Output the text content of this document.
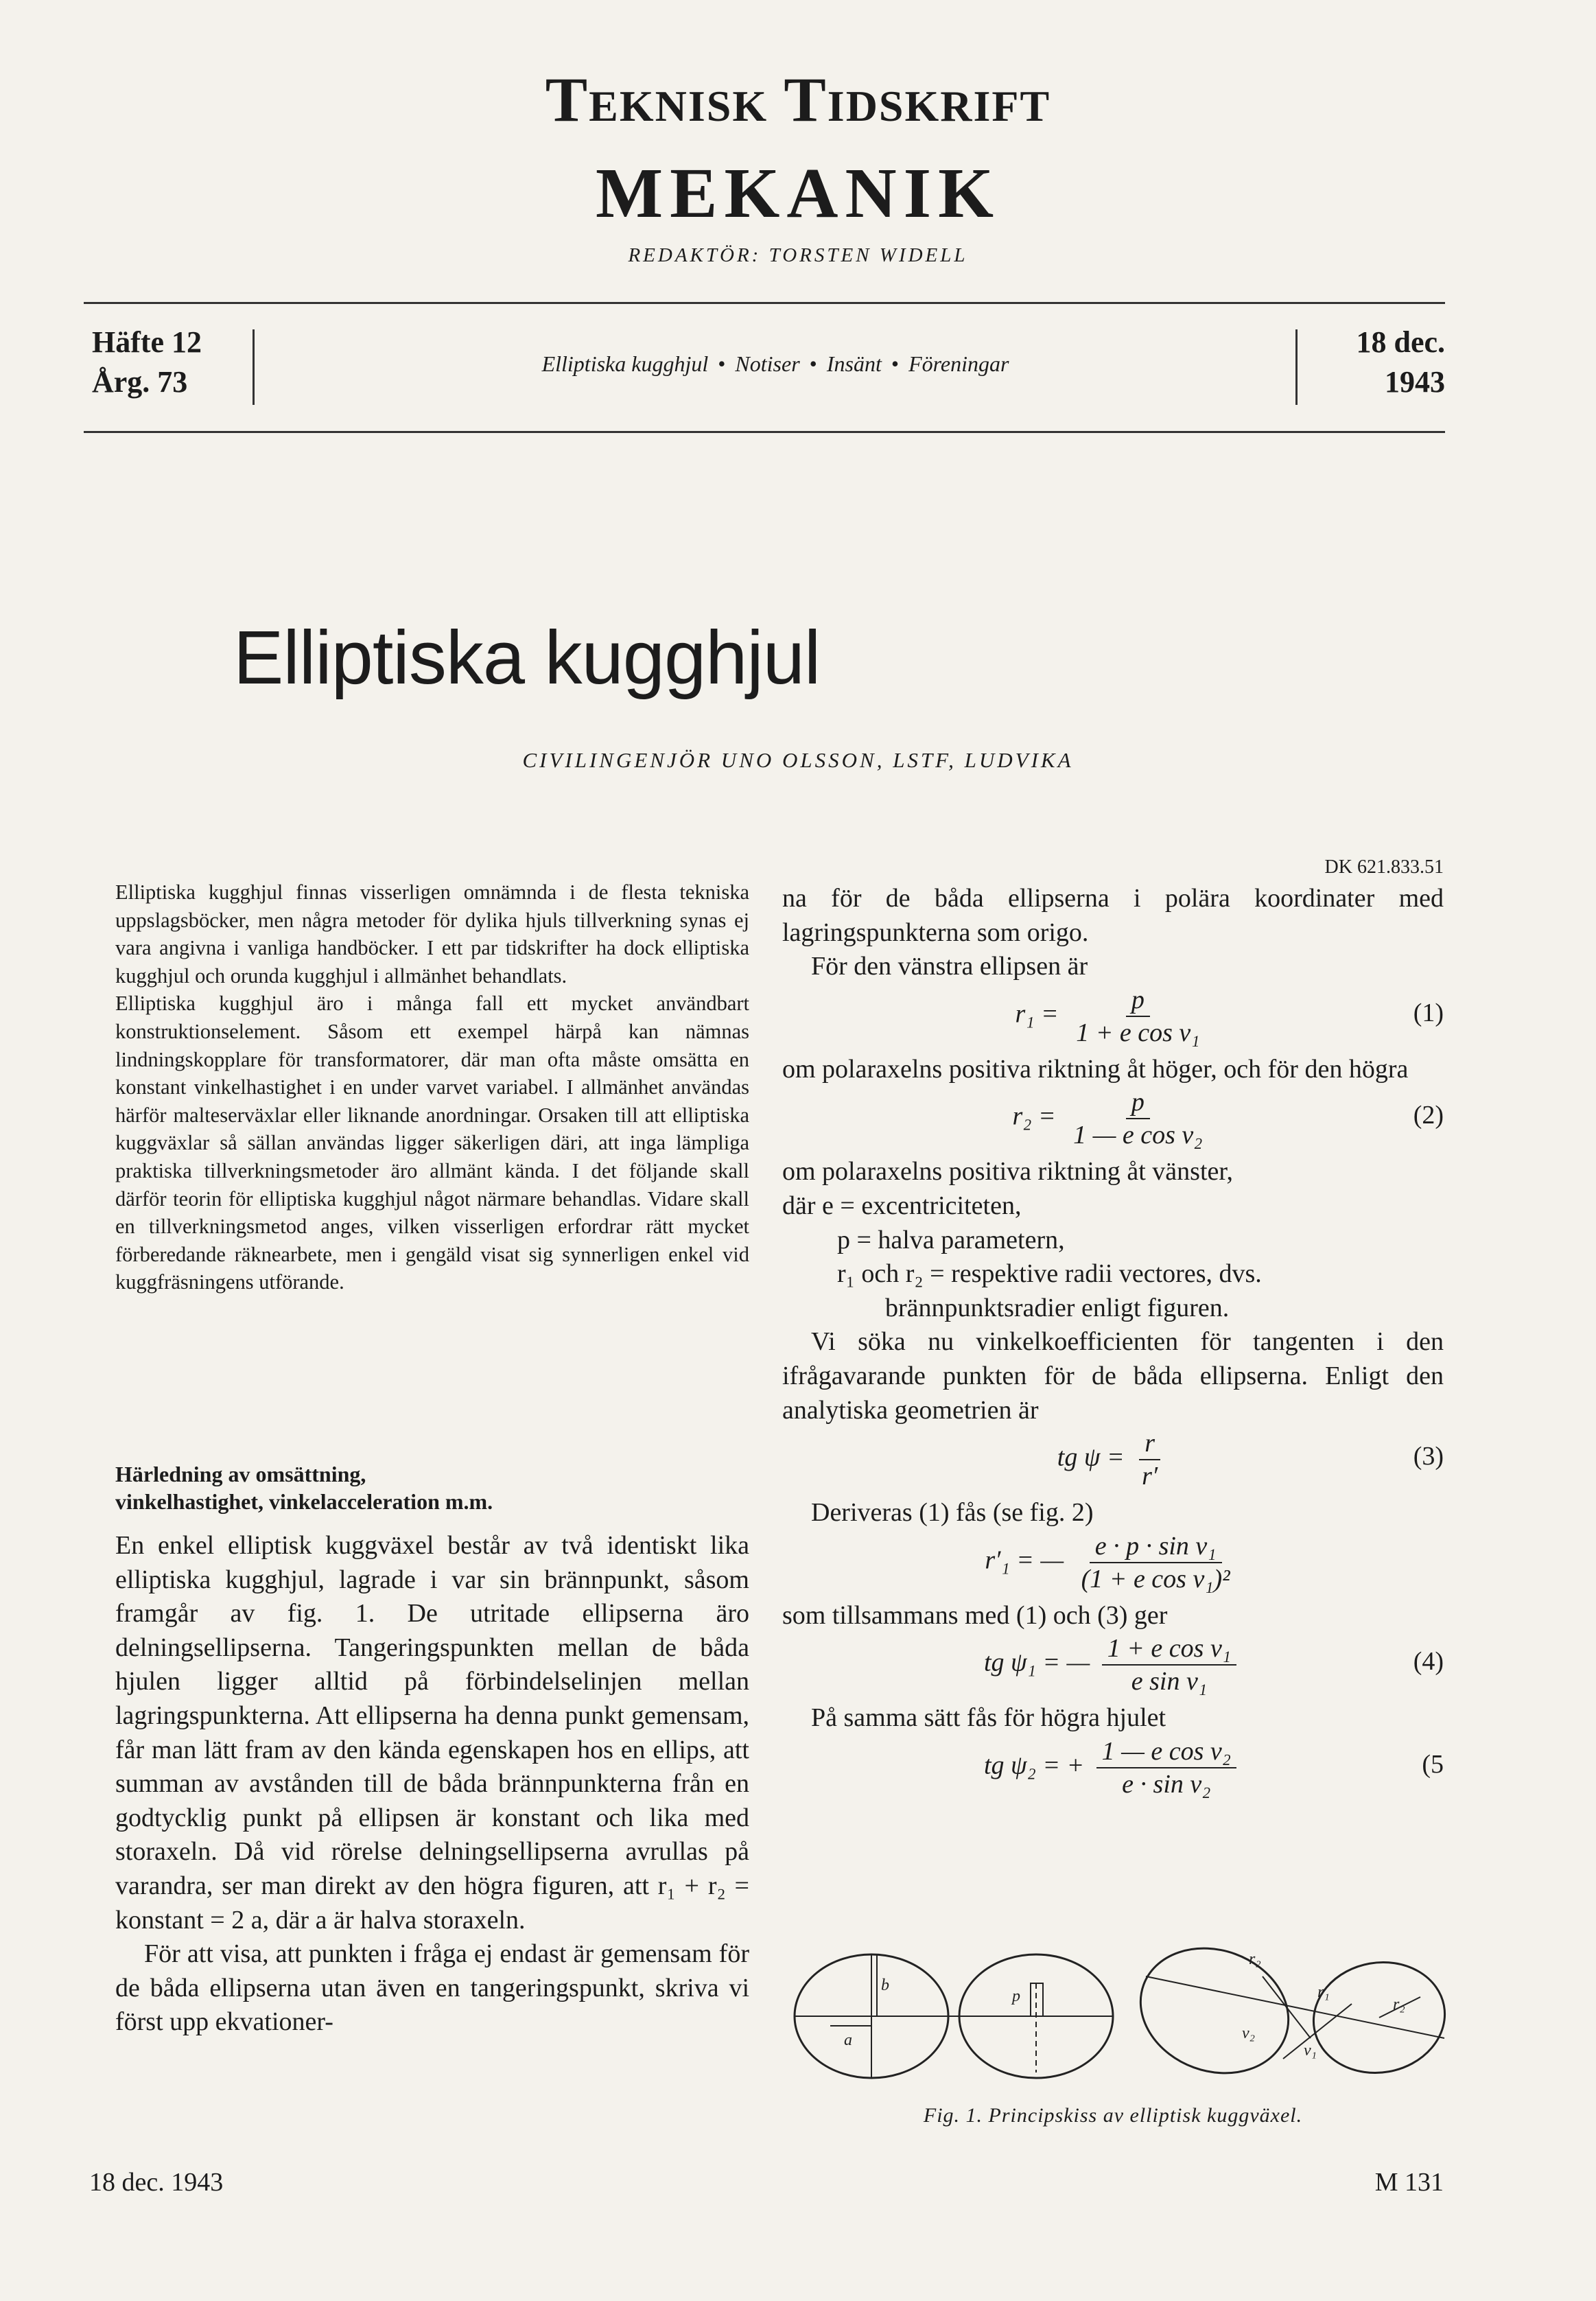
Teknisk Tidskrift
MEKANIK
REDAKTÖR: TORSTEN WIDELL
Häfte 12
Årg. 73
Elliptiska kugghjul • Notiser • Insänt • Föreningar
18 dec.
1943
Elliptiska kugghjul
CIVILINGENJÖR UNO OLSSON, LSTF, LUDVIKA

Elliptiska kugghjul finnas visserligen omnämnda i de flesta tekniska uppslagsböcker, men några metoder för dylika hjuls tillverkning synas ej vara angivna i vanliga handböcker. I ett par tidskrifter ha dock elliptiska kugghjul och orunda kugghjul i allmänhet behandlats.

Elliptiska kugghjul äro i många fall ett mycket användbart konstruktionselement. Såsom ett exempel härpå kan nämnas lindningskopplare för transformatorer, där man ofta måste omsätta en konstant vinkelhastighet i en under varvet variabel. I allmänhet användas härför malteserväxlar eller liknande anordningar. Orsaken till att elliptiska kuggväxlar så sällan användas ligger säkerligen däri, att inga lämpliga praktiska tillverkningsmetoder äro allmänt kända. I det följande skall därför teorin för elliptiska kugghjul något närmare behandlas. Vidare skall en tillverkningsmetod anges, vilken visserligen erfordrar rätt mycket förberedande räknearbete, men i gengäld visat sig synnerligen enkel vid kuggfräsningens utförande.

Härledning av omsättning,
vinkelhastighet, vinkelacceleration m.m.

En enkel elliptisk kuggväxel består av två identiskt lika elliptiska kugghjul, lagrade i var sin brännpunkt, såsom framgår av fig. 1. De utritade ellipserna äro delningsellipserna. Tangeringspunkten mellan de båda hjulen ligger alltid på förbindelselinjen mellan lagringspunkterna. Att ellipserna ha denna punkt gemensam, får man lätt fram av den kända egenskapen hos en ellips, att summan av avstånden till de båda brännpunkterna från en godtycklig punkt på ellipsen är konstant och lika med storaxeln. Då vid rörelse delningsellipserna avrullas på varandra, ser man direkt av den högra figuren, att r₁ + r₂ = konstant = 2 a, där a är halva storaxeln.

För att visa, att punkten i fråga ej endast är gemensam för de båda ellipserna utan även en tangeringspunkt, skriva vi först upp ekvationer-

DK 621.833.51

na för de båda ellipserna i polära koordinater med lagringspunkterna som origo.

För den vänstra ellipsen är

$r_1 = \frac{p}{\text{1 + e cos v₁}}$	(1)

om polaraxelns positiva riktning åt höger, och för den högra

$r_2 = \frac{p}{\text{1 — e cos v₂}}$	(2)

om polaraxelns positiva riktning åt vänster,

där e = excentriciteten,

p = halva parametern,

r₁ och r₂ = respektive radii vectores, dvs.

brännpunktsradier enligt figuren.

Vi söka nu vinkelkoefficienten för tangenten i den ifrågavarande punkten för de båda ellipserna. Enligt den analytiska geometrien är

tg $\psi = \frac{r}{r'}$	(3)

Deriveras (1) fås (se fig. 2)

r′₁ = — $\frac{\text{e · p · sin v₁}}{\text{(1 + e cos v₁)²}}$

som tillsammans med (1) och (3) ger

tg ψ₁ = — $\frac{\text{1 + e cos v₁}}{\text{e sin v₁}}$	(4)

På samma sätt fås för högra hjulet

tg ψ₂ = + $\frac{\text{1 — e cos v₂}}{\text{e · sin v₂}}$	(5
b
a
p
r₂
r₁
v₂
v₁
r₂
Fig. 1. Principskiss av elliptisk kuggväxel.
18 dec. 1943	M 131
